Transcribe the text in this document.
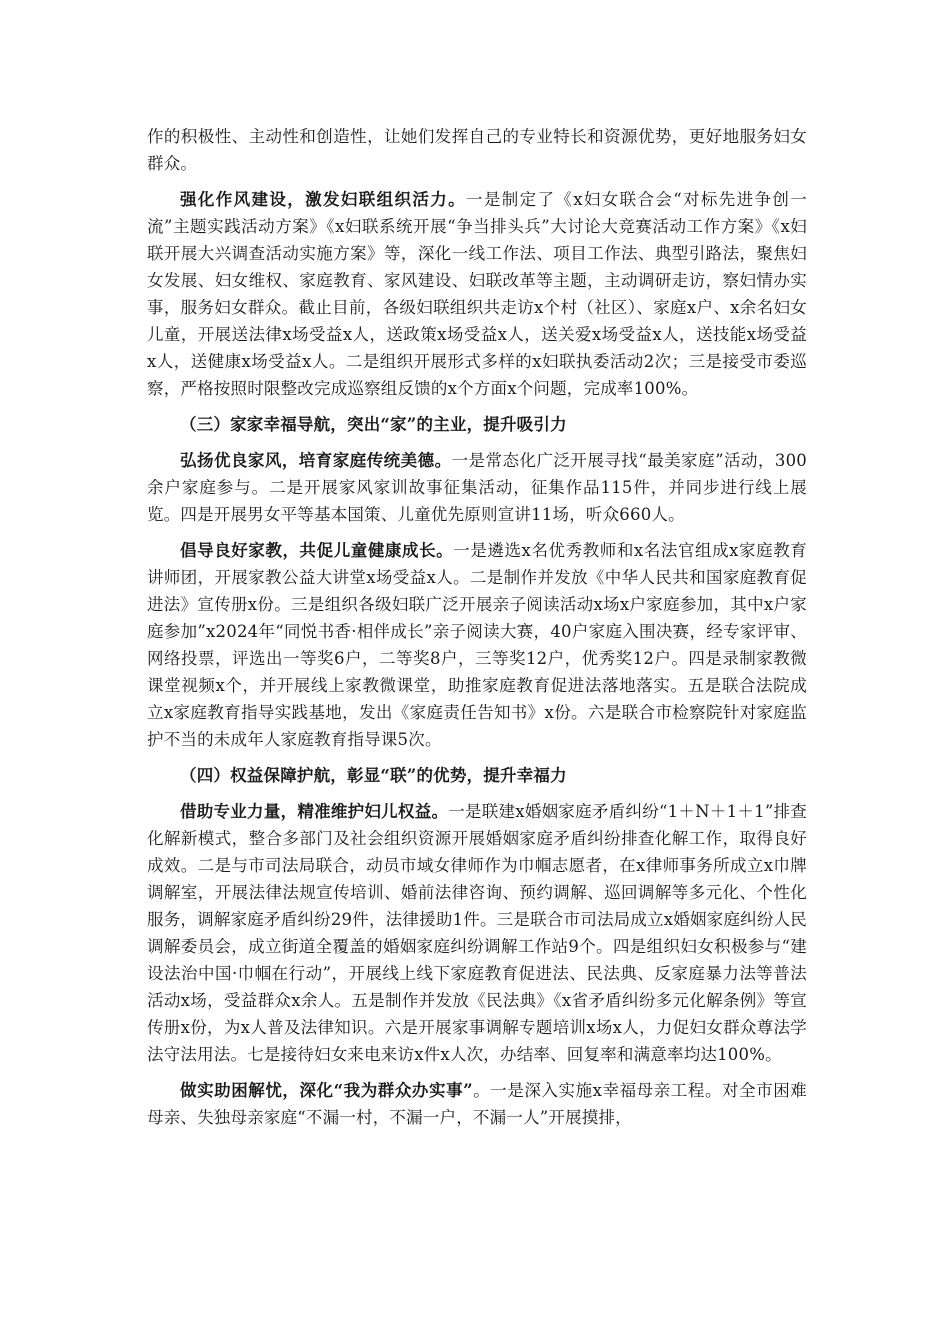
作的积极性、主动性和创造性，让她们发挥自己的专业特长和资源优势，更好地服务妇女群众。

强化作风建设，激发妇联组织活力。一是制定了《x妇女联合会“对标先进争创一流”主题实践活动方案》《x妇联系统开展“争当排头兵”大讨论大竞赛活动工作方案》《x妇联开展大兴调查活动实施方案》等，深化一线工作法、项目工作法、典型引路法，聚焦妇女发展、妇女维权、家庭教育、家风建设、妇联改革等主题，主动调研走访，察妇情办实事，服务妇女群众。截止目前，各级妇联组织共走访x个村（社区）、家庭x户、x余名妇女儿童，开展送法律x场受益x人，送政策x场受益x人，送关爱x场受益x人，送技能x场受益x人，送健康x场受益x人。二是组织开展形式多样的x妇联执委活动2次；三是接受市委巡察，严格按照时限整改完成巡察组反馈的x个方面x个问题，完成率100%。

（三）家家幸福导航，突出“家”的主业，提升吸引力

弘扬优良家风，培育家庭传统美德。一是常态化广泛开展寻找“最美家庭”活动，300余户家庭参与。二是开展家风家训故事征集活动，征集作品115件，并同步进行线上展览。四是开展男女平等基本国策、儿童优先原则宣讲11场，听众660人。

倡导良好家教，共促儿童健康成长。一是遴选x名优秀教师和x名法官组成x家庭教育讲师团，开展家教公益大讲堂x场受益x人。二是制作并发放《中华人民共和国家庭教育促进法》宣传册x份。三是组织各级妇联广泛开展亲子阅读活动x场x户家庭参加，其中x户家庭参加”x2024年“同悦书香·相伴成长”亲子阅读大赛，40户家庭入围决赛，经专家评审、网络投票，评选出一等奖6户，二等奖8户，三等奖12户，优秀奖12户。四是录制家教微课堂视频x个，并开展线上家教微课堂，助推家庭教育促进法落地落实。五是联合法院成立x家庭教育指导实践基地，发出《家庭责任告知书》x份。六是联合市检察院针对家庭监护不当的未成年人家庭教育指导课5次。

（四）权益保障护航，彰显“联”的优势，提升幸福力

借助专业力量，精准维护妇儿权益。一是联建x婚姻家庭矛盾纠纷“1＋N＋1＋1”排查化解新模式，整合多部门及社会组织资源开展婚姻家庭矛盾纠纷排查化解工作，取得良好成效。二是与市司法局联合，动员市域女律师作为巾帼志愿者，在x律师事务所成立x巾牌调解室，开展法律法规宣传培训、婚前法律咨询、预约调解、巡回调解等多元化、个性化服务，调解家庭矛盾纠纷29件，法律援助1件。三是联合市司法局成立x婚姻家庭纠纷人民调解委员会，成立街道全覆盖的婚姻家庭纠纷调解工作站9个。四是组织妇女积极参与“建设法治中国·巾帼在行动”，开展线上线下家庭教育促进法、民法典、反家庭暴力法等普法活动x场，受益群众x余人。五是制作并发放《民法典》《x省矛盾纠纷多元化解条例》等宣传册x份，为x人普及法律知识。六是开展家事调解专题培训x场x人，力促妇女群众尊法学法守法用法。七是接待妇女来电来访x件x人次，办结率、回复率和满意率均达100%。

做实助困解忧，深化“我为群众办实事”。一是深入实施x幸福母亲工程。对全市困难母亲、失独母亲家庭“不漏一村，不漏一户，不漏一人”开展摸排，
